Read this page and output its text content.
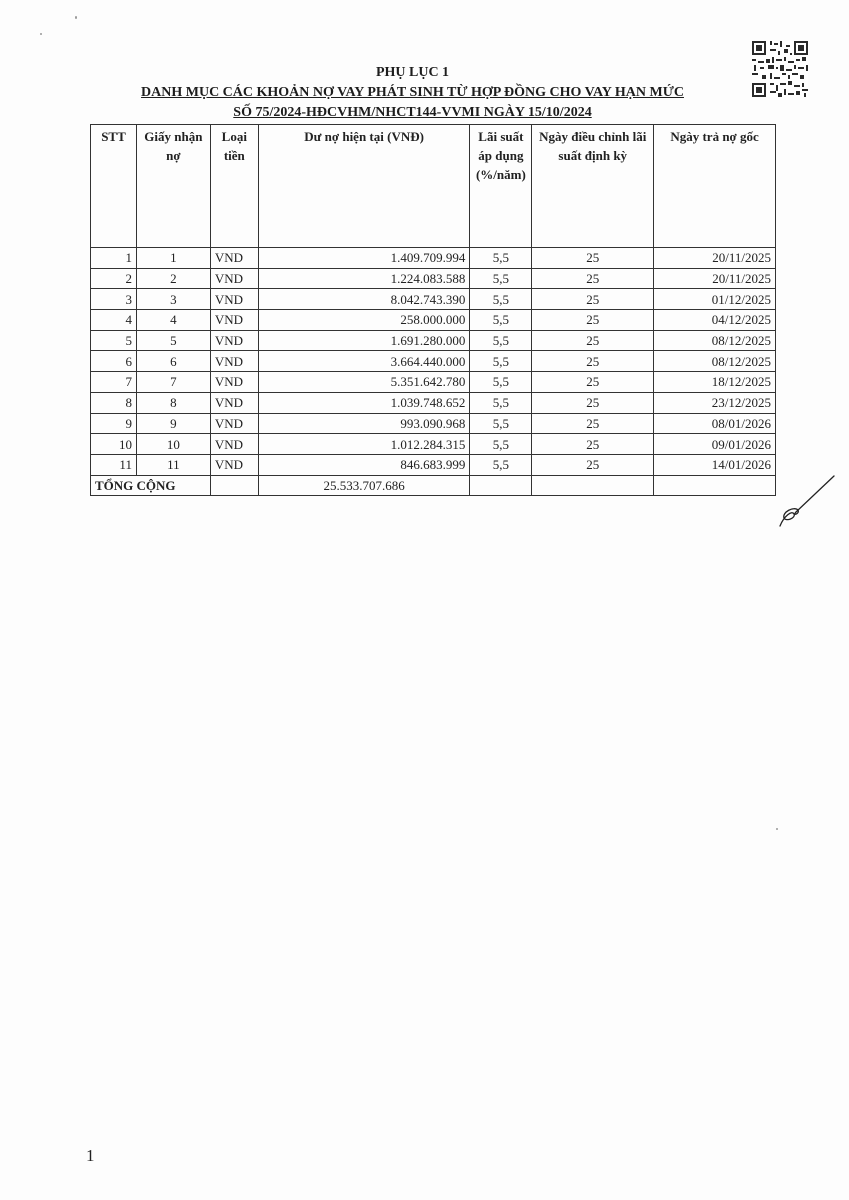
PHỤ LỤC 1
DANH MỤC CÁC KHOẢN NỢ VAY PHÁT SINH TỪ HỢP ĐỒNG CHO VAY HẠN MỨC
SỐ 75/2024-HĐCVHM/NHCT144-VVMI NGÀY 15/10/2024
STT	Giấy nhận nợ	Loại tiền	Dư nợ hiện tại (VNĐ)	Lãi suất áp dụng (%/năm)	Ngày điều chỉnh lãi suất định kỳ	Ngày trả nợ gốc
1	1	VND	1.409.709.994	5,5	25	20/11/2025
2	2	VND	1.224.083.588	5,5	25	20/11/2025
3	3	VND	8.042.743.390	5,5	25	01/12/2025
4	4	VND	258.000.000	5,5	25	04/12/2025
5	5	VND	1.691.280.000	5,5	25	08/12/2025
6	6	VND	3.664.440.000	5,5	25	08/12/2025
7	7	VND	5.351.642.780	5,5	25	18/12/2025
8	8	VND	1.039.748.652	5,5	25	23/12/2025
9	9	VND	993.090.968	5,5	25	08/01/2026
10	10	VND	1.012.284.315	5,5	25	09/01/2026
11	11	VND	846.683.999	5,5	25	14/01/2026
TỔNG CỘNG			25.533.707.686			
1
